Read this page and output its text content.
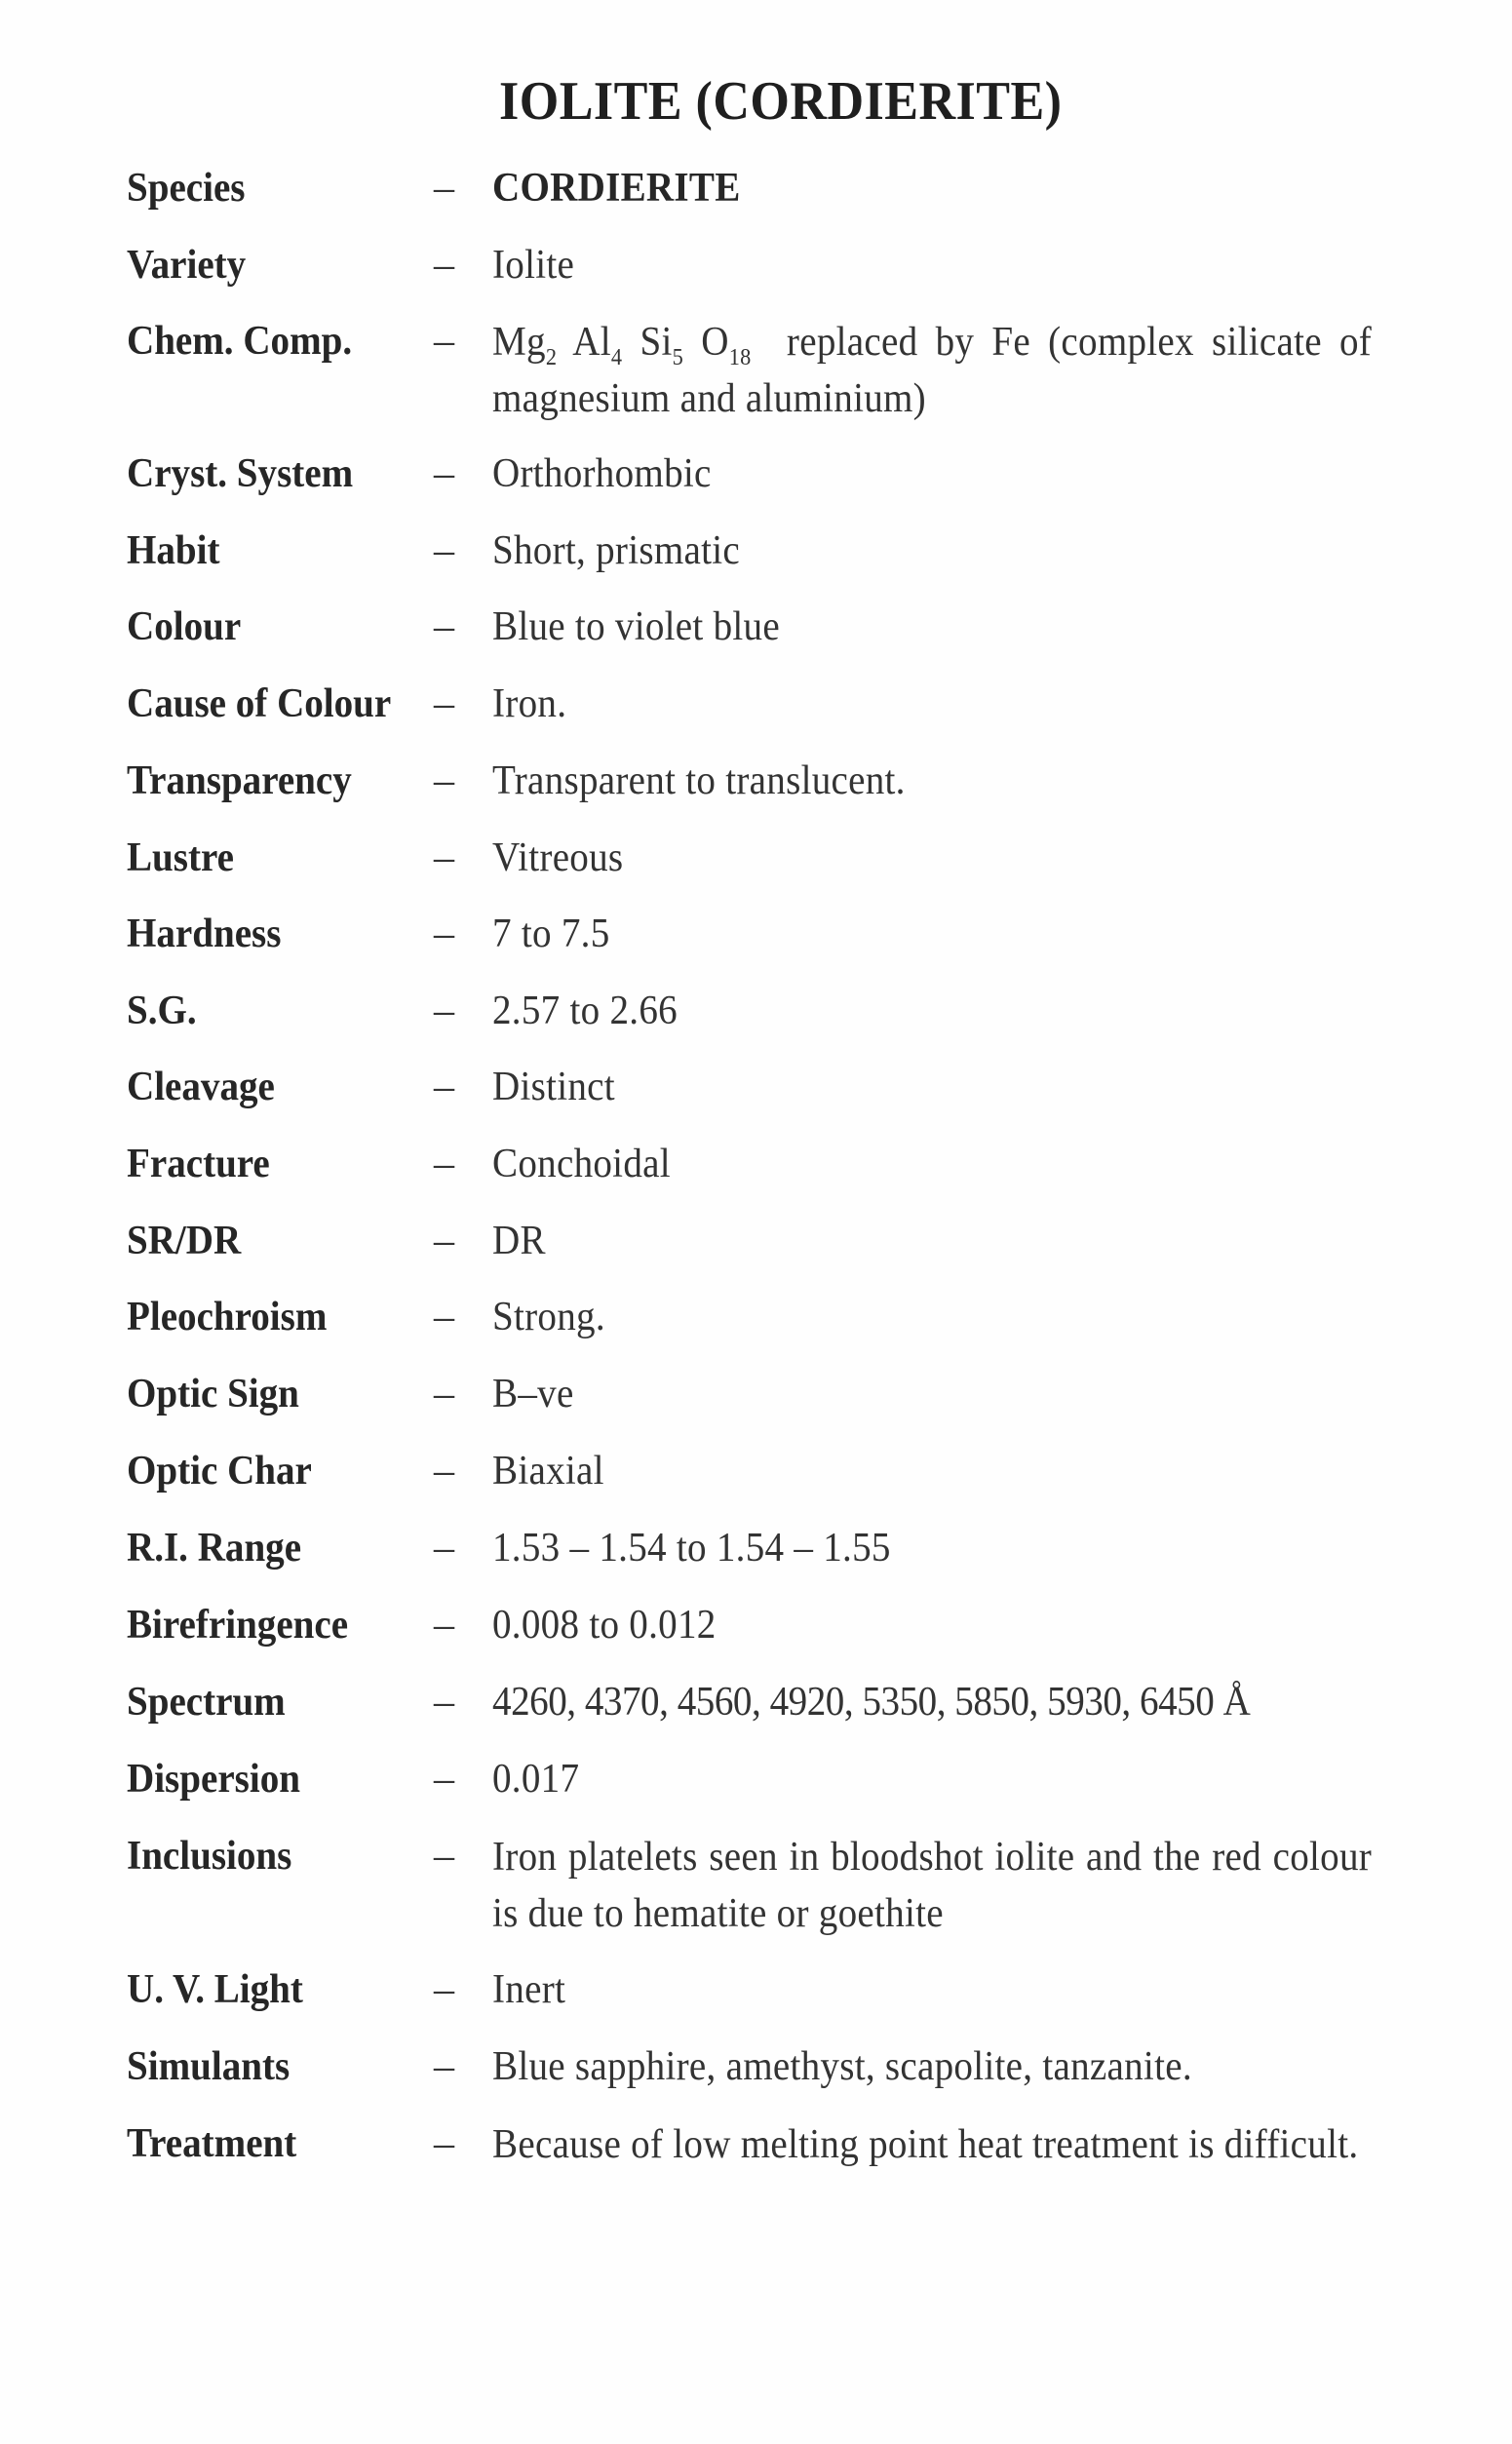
IOLITE (CORDIERITE)
Species	– CORDIERITE
Variety	– Iolite
Chem. Comp.	– $Mg_2$ $Al_4$ $Si_5$ $O_{18}$ replaced by Fe (complex silicate of magnesium and aluminium)
Cryst. System	– Orthorhombic
Habit	– Short, prismatic
Colour	– Blue to violet blue
Cause of Colour	– Iron.
Transparency	– Transparent to translucent.
Lustre	– Vitreous
Hardness	– 7 to 7.5
S.G.	– 2.57 to 2.66
Cleavage	– Distinct
Fracture	– Conchoidal
SR/DR	– DR
Pleochroism	– Strong.
Optic Sign	– B–ve
Optic Char	– Biaxial
R.I. Range	– 1.53 – 1.54 to 1.54 – 1.55
Birefringence	– 0.008 to 0.012
Spectrum	– 4260, 4370, 4560, 4920, 5350, 5850, 5930, 6450 Å
Dispersion	– 0.017
Inclusions	– Iron platelets seen in bloodshot iolite and the red colour is due to hematite or goethite
U. V. Light	– Inert
Simulants	– Blue sapphire, amethyst, scapolite, tanzanite.
Treatment	– Because of low melting point heat treatment is difficult.
